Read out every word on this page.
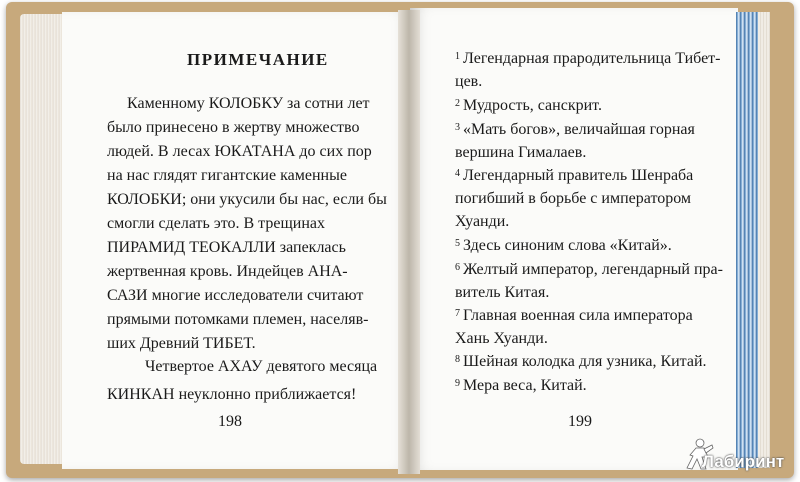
ПРИМЕЧАНИЕ

Каменному КОЛОБКУ за сотни лет
было принесено в жертву множество
людей. В лесах ЮКАТАНА до сих пор
на нас глядят гигантские каменные
КОЛОБКИ; они укусили бы нас, если бы
смогли сделать это. В трещинах
ПИРАМИД ТЕОКАЛЛИ запеклась
жертвенная кровь. Индейцев АНА-
САЗИ многие исследователи считают
прямыми потомками племен, населяв-
ших Древний ТИБЕТ.

Четвертое АХАУ девятого месяца
КИНКАН неуклонно приближается!

198

$^1$ Легендарная прародительница Тибет-
цев.

$^2$ Мудрость, санскрит.

$^3$ «Мать богов», величайшая горная
вершина Гималаев.

$^4$ Легендарный правитель Шенраба
погибший в борьбе с императором
Хуанди.

$^5$ Здесь синоним слова «Китай».

$^6$ Желтый император, легендарный пра-
витель Китая.

$^7$ Главная военная сила императора
Хань Хуанди.

$^8$ Шейная колодка для узника, Китай.

$^9$ Мера веса, Китай.

199
Лабиринт
